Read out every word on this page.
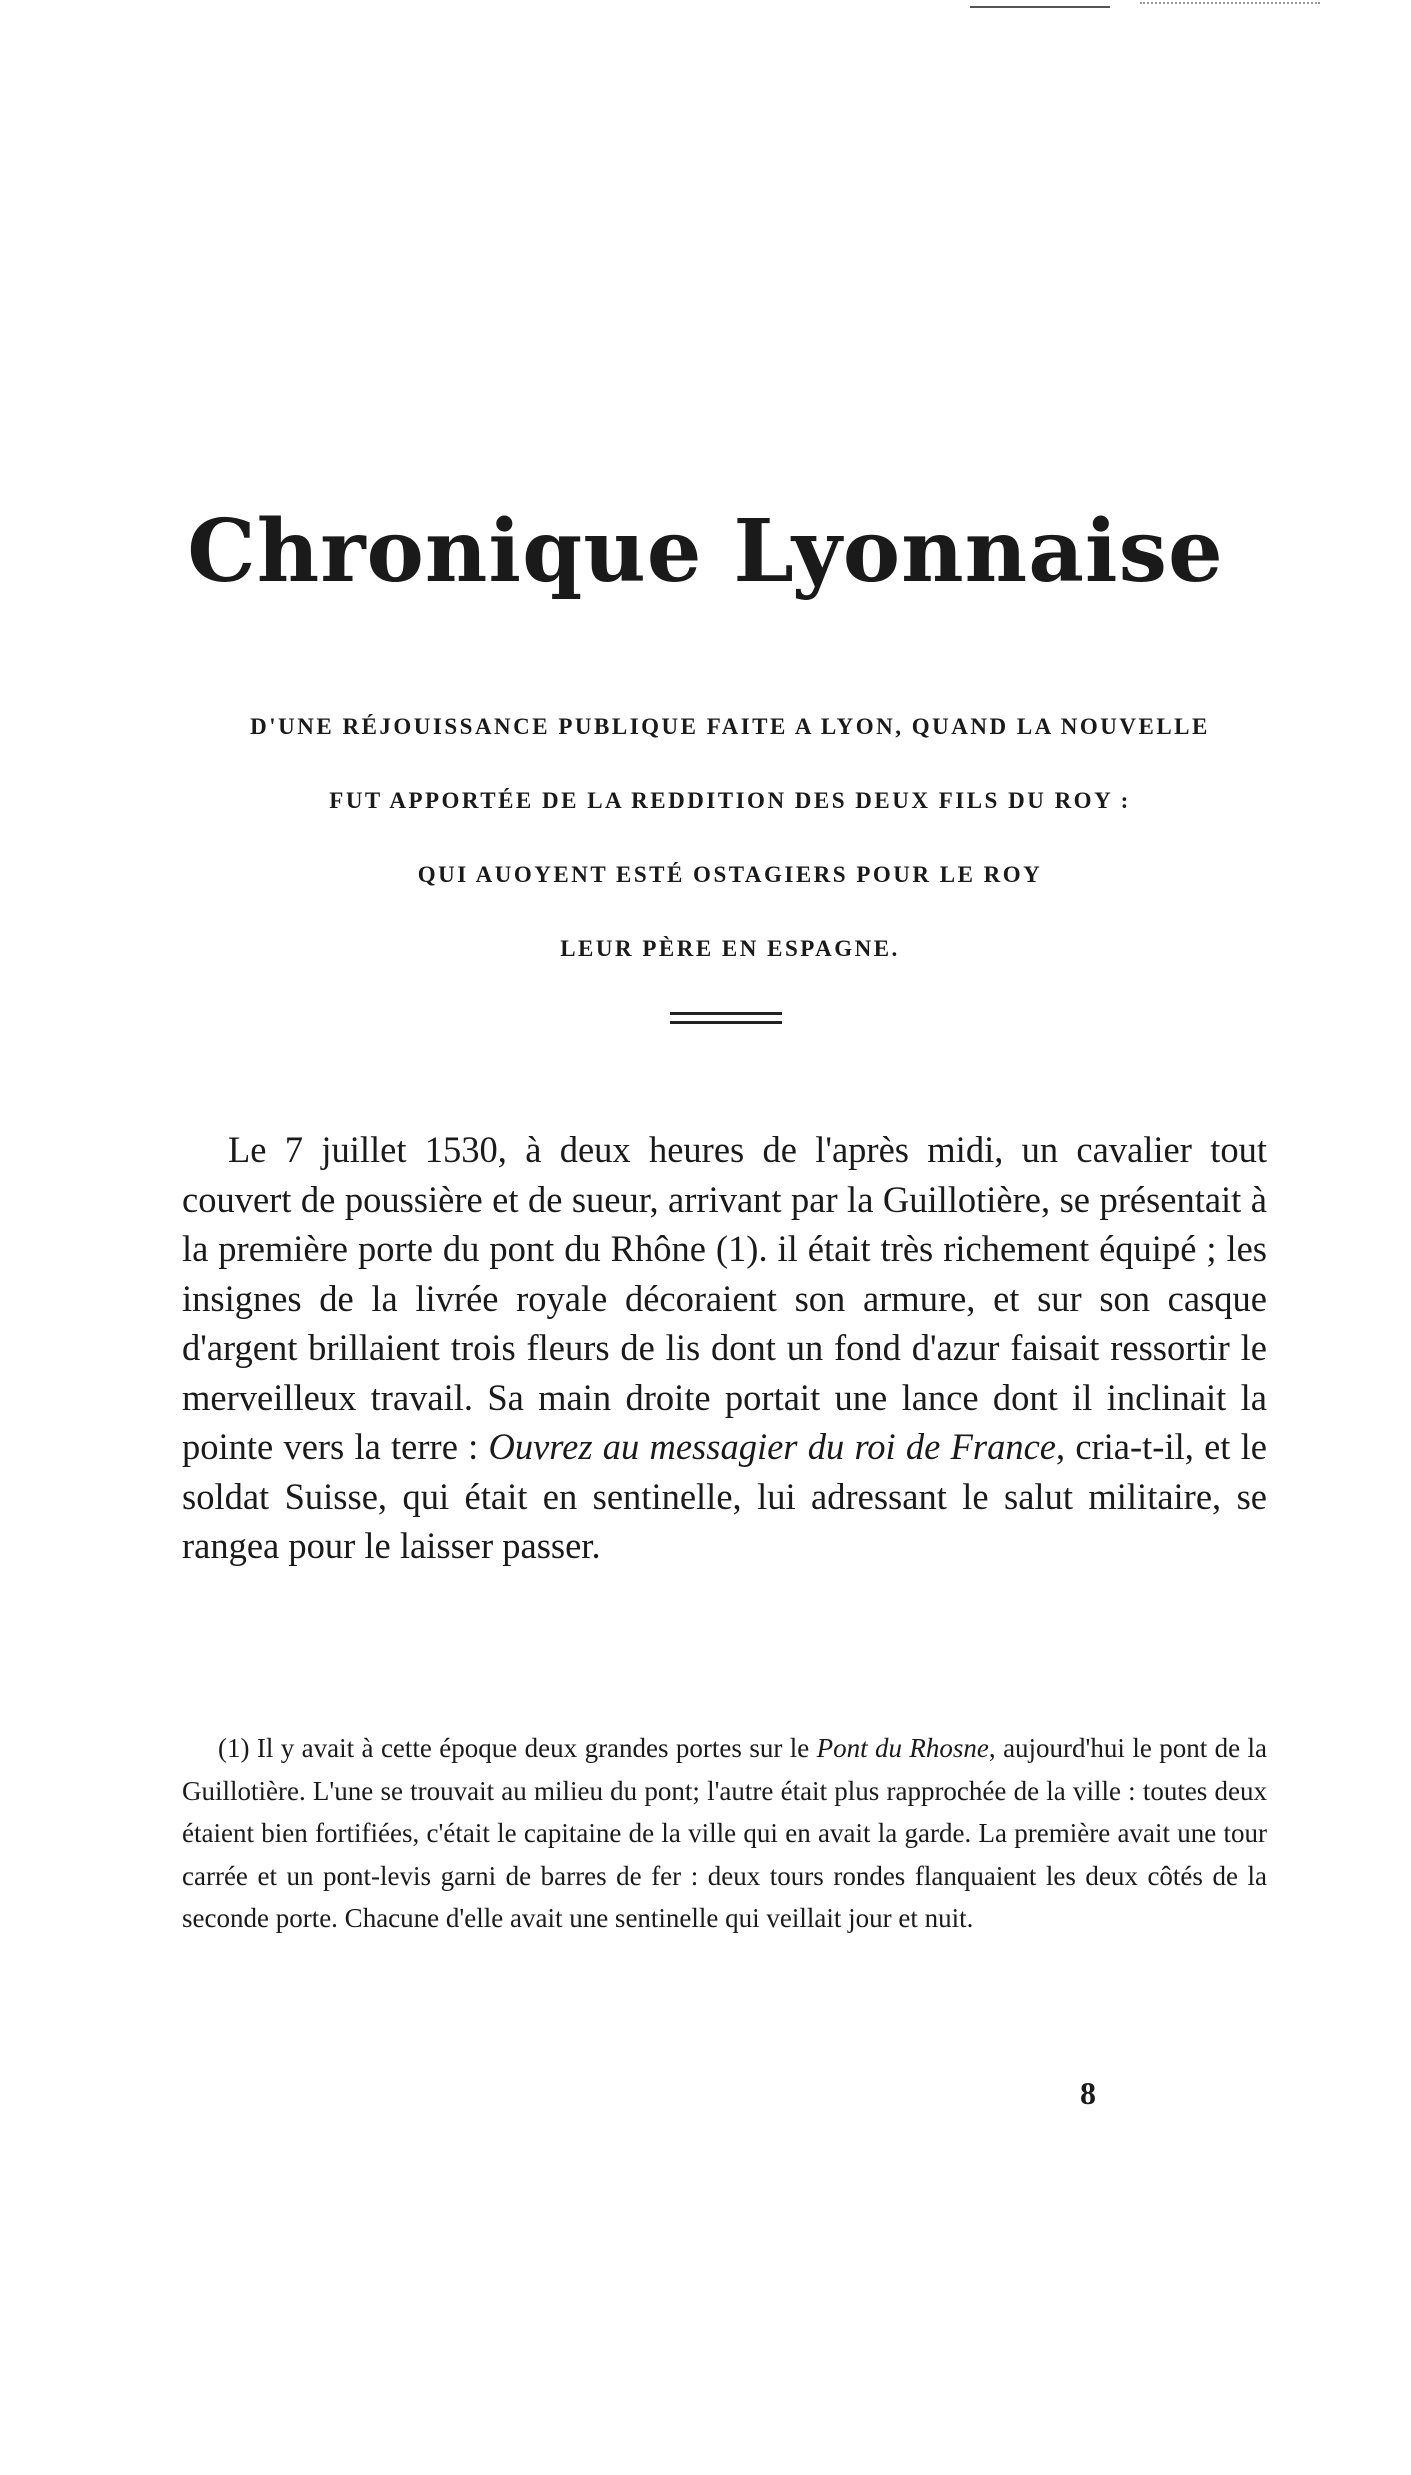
Chronique Lyonnaise
D'UNE RÉJOUISSANCE PUBLIQUE FAITE A LYON, QUAND LA NOUVELLE
FUT APPORTÉE DE LA REDDITION DES DEUX FILS DU ROY :
QUI AUOYENT ESTÉ OSTAGIERS POUR LE ROY
LEUR PÈRE EN ESPAGNE.

Le 7 juillet 1530, à deux heures de l'après midi, un cavalier tout couvert de poussière et de sueur, arrivant par la Guillotière, se présentait à la première porte du pont du Rhône (1). il était très richement équipé ; les insignes de la livrée royale décoraient son armure, et sur son casque d'argent brillaient trois fleurs de lis dont un fond d'azur faisait ressortir le merveilleux travail. Sa main droite portait une lance dont il inclinait la pointe vers la terre : Ouvrez au messagier du roi de France, cria-t-il, et le soldat Suisse, qui était en sentinelle, lui adressant le salut militaire, se rangea pour le laisser passer.

(1) Il y avait à cette époque deux grandes portes sur le Pont du Rhosne, aujourd'hui le pont de la Guillotière. L'une se trouvait au milieu du pont; l'autre était plus rapprochée de la ville : toutes deux étaient bien fortifiées, c'était le capitaine de la ville qui en avait la garde. La première avait une tour carrée et un pont-levis garni de barres de fer : deux tours rondes flanquaient les deux côtés de la seconde porte. Chacune d'elle avait une sentinelle qui veillait jour et nuit.

8
